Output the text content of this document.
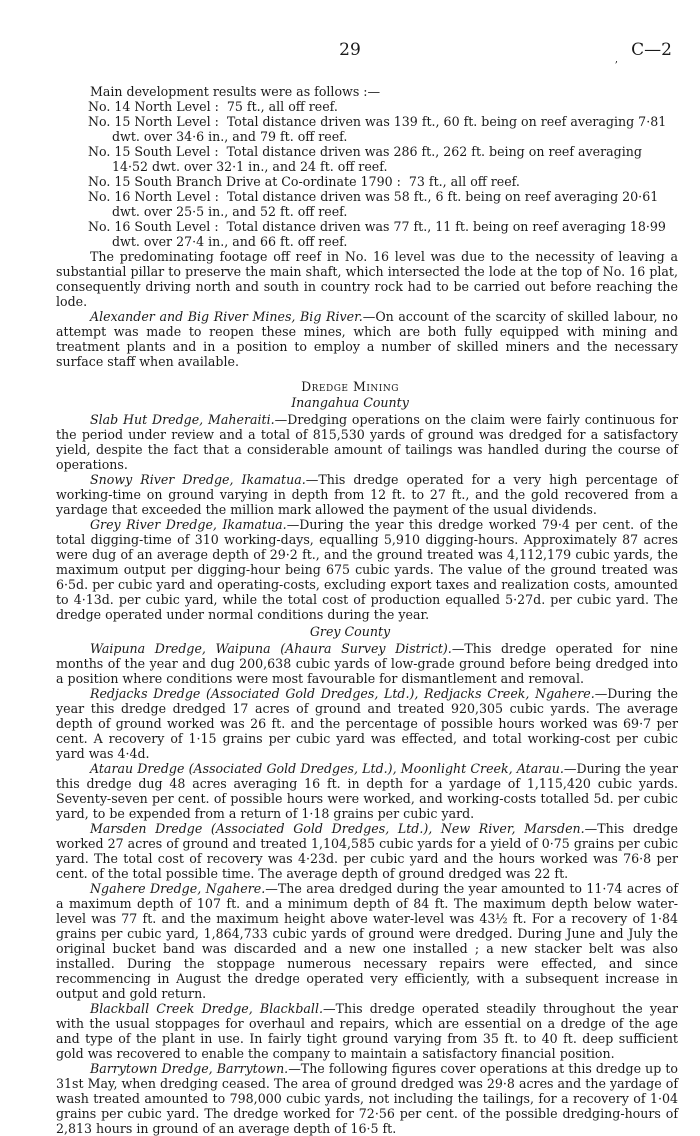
29	, C—2

Main development results were as follows :—

No. 14 North Level : 75 ft., all off reef.
No. 15 North Level : Total distance driven was 139 ft., 60 ft. being on reef averaging 7·81 dwt. over 34·6 in., and 79 ft. off reef.
No. 15 South Level : Total distance driven was 286 ft., 262 ft. being on reef averaging 14·52 dwt. over 32·1 in., and 24 ft. off reef.
No. 15 South Branch Drive at Co-ordinate 1790 : 73 ft., all off reef.
No. 16 North Level : Total distance driven was 58 ft., 6 ft. being on reef averaging 20·61 dwt. over 25·5 in., and 52 ft. off reef.
No. 16 South Level : Total distance driven was 77 ft., 11 ft. being on reef averaging 18·99 dwt. over 27·4 in., and 66 ft. off reef.

The predominating footage off reef in No. 16 level was due to the necessity of leaving a substantial pillar to preserve the main shaft, which intersected the lode at the top of No. 16 plat, consequently driving north and south in country rock had to be carried out before reaching the lode.

Alexander and Big River Mines, Big River.—On account of the scarcity of skilled labour, no attempt was made to reopen these mines, which are both fully equipped with mining and treatment plants and in a position to employ a number of skilled miners and the necessary surface staff when available.

Dredge Mining
Inangahua County

Slab Hut Dredge, Maheraiti.—Dredging operations on the claim were fairly continuous for the period under review and a total of 815,530 yards of ground was dredged for a satisfactory yield, despite the fact that a considerable amount of tailings was handled during the course of operations.

Snowy River Dredge, Ikamatua.—This dredge operated for a very high percentage of working-time on ground varying in depth from 12 ft. to 27 ft., and the gold recovered from a yardage that exceeded the million mark allowed the payment of the usual dividends.

Grey River Dredge, Ikamatua.—During the year this dredge worked 79·4 per cent. of the total digging-time of 310 working-days, equalling 5,910 digging-hours. Approximately 87 acres were dug of an average depth of 29·2 ft., and the ground treated was 4,112,179 cubic yards, the maximum output per digging-hour being 675 cubic yards. The value of the ground treated was 6·5d. per cubic yard and operating-costs, excluding export taxes and realization costs, amounted to 4·13d. per cubic yard, while the total cost of production equalled 5·27d. per cubic yard. The dredge operated under normal conditions during the year.

Grey County

Waipuna Dredge, Waipuna (Ahaura Survey District).—This dredge operated for nine months of the year and dug 200,638 cubic yards of low-grade ground before being dredged into a position where conditions were most favourable for dismantlement and removal.

Redjacks Dredge (Associated Gold Dredges, Ltd.), Redjacks Creek, Ngahere.—During the year this dredge dredged 17 acres of ground and treated 920,305 cubic yards. The average depth of ground worked was 26 ft. and the percentage of possible hours worked was 69·7 per cent. A recovery of 1·15 grains per cubic yard was effected, and total working-cost per cubic yard was 4·4d.

Atarau Dredge (Associated Gold Dredges, Ltd.), Moonlight Creek, Atarau.—During the year this dredge dug 48 acres averaging 16 ft. in depth for a yardage of 1,115,420 cubic yards. Seventy-seven per cent. of possible hours were worked, and working-costs totalled 5d. per cubic yard, to be expended from a return of 1·18 grains per cubic yard.

Marsden Dredge (Associated Gold Dredges, Ltd.), New River, Marsden.—This dredge worked 27 acres of ground and treated 1,104,585 cubic yards for a yield of 0·75 grains per cubic yard. The total cost of recovery was 4·23d. per cubic yard and the hours worked was 76·8 per cent. of the total possible time. The average depth of ground dredged was 22 ft.

Ngahere Dredge, Ngahere.—The area dredged during the year amounted to 11·74 acres of a maximum depth of 107 ft. and a minimum depth of 84 ft. The maximum depth below water-level was 77 ft. and the maximum height above water-level was 43½ ft. For a recovery of 1·84 grains per cubic yard, 1,864,733 cubic yards of ground were dredged. During June and July the original bucket band was discarded and a new one installed ; a new stacker belt was also installed. During the stoppage numerous necessary repairs were effected, and since recommencing in August the dredge operated very efficiently, with a subsequent increase in output and gold return.

Blackball Creek Dredge, Blackball.—This dredge operated steadily throughout the year with the usual stoppages for overhaul and repairs, which are essential on a dredge of the age and type of the plant in use. In fairly tight ground varying from 35 ft. to 40 ft. deep sufficient gold was recovered to enable the company to maintain a satisfactory financial position.

Barrytown Dredge, Barrytown.—The following figures cover operations at this dredge up to 31st May, when dredging ceased. The area of ground dredged was 29·8 acres and the yardage of wash treated amounted to 798,000 cubic yards, not including the tailings, for a recovery of 1·04 grains per cubic yard. The dredge worked for 72·56 per cent. of the possible dredging-hours of 2,813 hours in ground of an average depth of 16·5 ft.
